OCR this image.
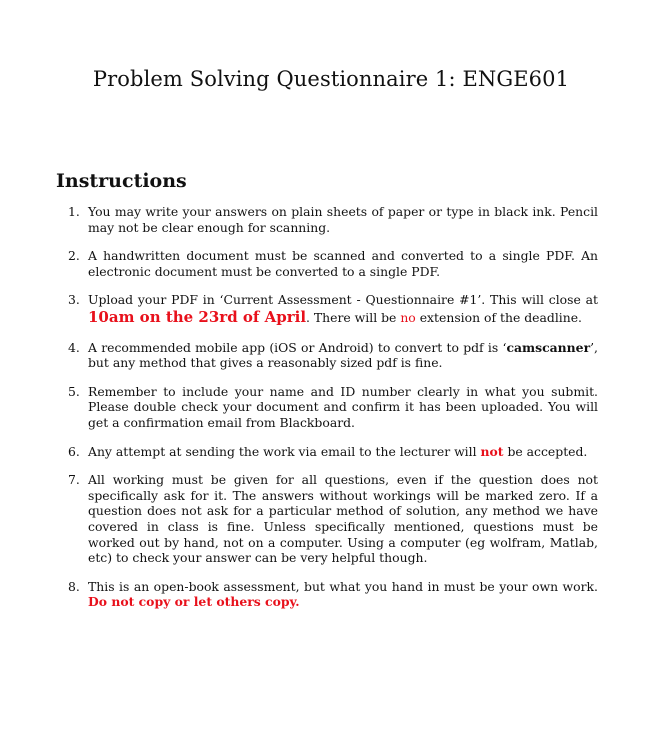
Problem Solving Questionnaire 1: ENGE601
Instructions
1. You may write your answers on plain sheets of paper or type in black ink. Pencil may not be clear enough for scanning.
2. A handwritten document must be scanned and converted to a single PDF. An electronic document must be converted to a single PDF.
3. Upload your PDF in ‘Current Assessment - Questionnaire #1’. This will close at 10am on the 23rd of April. There will be no extension of the deadline.
4. A recommended mobile app (iOS or Android) to convert to pdf is ‘camscanner’, but any method that gives a reasonably sized pdf is fine.
5. Remember to include your name and ID number clearly in what you submit. Please double check your document and confirm it has been uploaded. You will get a confirmation email from Blackboard.
6. Any attempt at sending the work via email to the lecturer will not be accepted.
7. All working must be given for all questions, even if the question does not specifically ask for it. The answers without workings will be marked zero. If a question does not ask for a particular method of solution, any method we have covered in class is fine. Unless specifically mentioned, questions must be worked out by hand, not on a computer. Using a computer (eg wolfram, Matlab, etc) to check your answer can be very helpful though.
8. This is an open-book assessment, but what you hand in must be your own work. Do not copy or let others copy.
